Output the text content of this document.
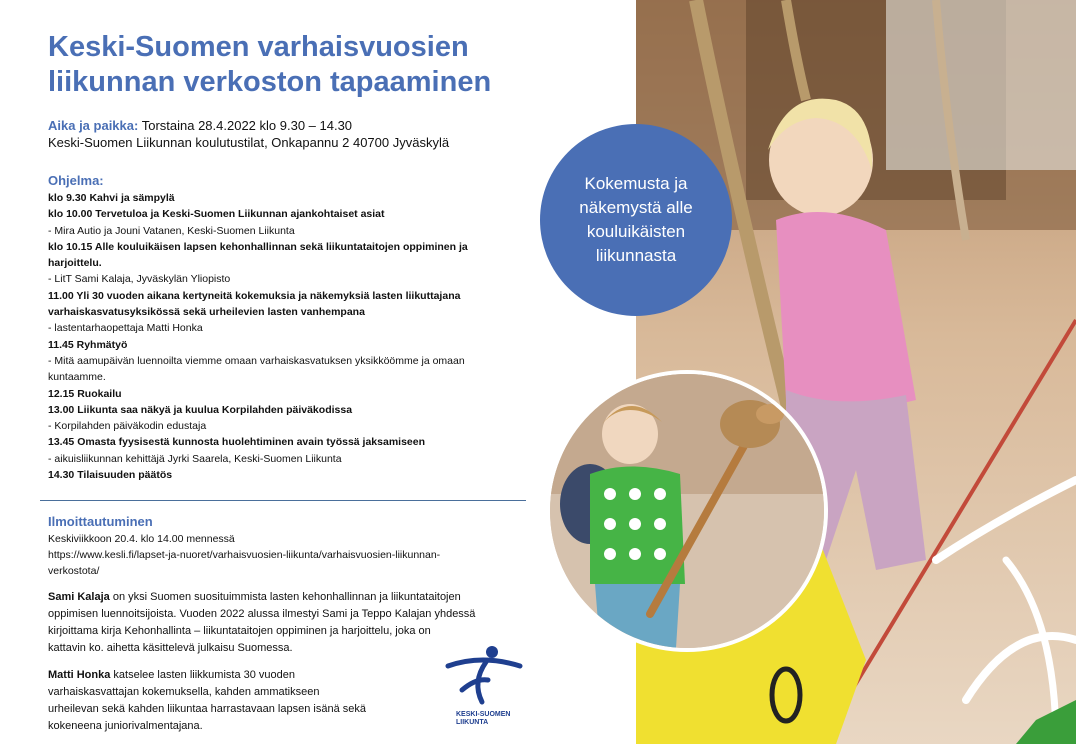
Keski-Suomen varhaisvuosien
liikunnan verkoston tapaaminen
Aika ja paikka: Torstaina 28.4.2022 klo 9.30 – 14.30
Keski-Suomen Liikunnan koulutustilat, Onkapannu 2 40700 Jyväskylä
Ohjelma:
klo 9.30 Kahvi ja sämpylä
klo 10.00 Tervetuloa ja Keski-Suomen Liikunnan ajankohtaiset asiat
- Mira Autio ja Jouni Vatanen, Keski-Suomen Liikunta
klo 10.15 Alle kouluikäisen lapsen kehonhallinnan sekä liikuntataitojen oppiminen ja
harjoittelu.
- LitT Sami Kalaja, Jyväskylän Yliopisto
11.00 Yli 30 vuoden aikana kertyneitä kokemuksia ja näkemyksiä lasten liikuttajana
varhaiskasvatusyksikössä sekä urheilevien lasten vanhempana
- lastentarhaopettaja Matti Honka
11.45 Ryhmätyö
- Mitä aamupäivän luennoilta viemme omaan varhaiskasvatuksen yksikköömme ja omaan
kuntaamme.
12.15 Ruokailu
13.00 Liikunta saa näkyä ja kuulua Korpilahden päiväkodissa
- Korpilahden päiväkodin edustaja
13.45 Omasta fyysisestä kunnosta huolehtiminen avain työssä jaksamiseen
- aikuisliikunnan kehittäjä Jyrki Saarela, Keski-Suomen Liikunta
14.30 Tilaisuuden päätös
Ilmoittautuminen
Keskiviikkoon 20.4. klo 14.00 mennessä
https://www.kesli.fi/lapset-ja-nuoret/varhaisvuosien-liikunta/varhaisvuosien-liikunnan-
verkostota/
Sami Kalaja on yksi Suomen suosituimmista lasten kehonhallinnan ja liikuntataitojen
oppimisen luennoitsijoista. Vuoden 2022 alussa ilmestyi Sami ja Teppo Kalajan yhdessä
kirjoittama kirja Kehonhallinta – liikuntataitojen oppiminen ja harjoittelu, joka on
kattavin ko. aihetta käsittelevä julkaisu Suomessa.
Matti Honka katselee lasten liikkumista 30 vuoden
varhaiskasvattajan kokemuksella, kahden ammatikseen
urheilevan sekä kahden liikuntaa harrastavaan lapsen isänä sekä
kokeneena juniorivalmentajana.
KESKI-SUOMEN
LIIKUNTA
Kokemusta ja
näkemystä alle
kouluikäisten
liikunnasta
